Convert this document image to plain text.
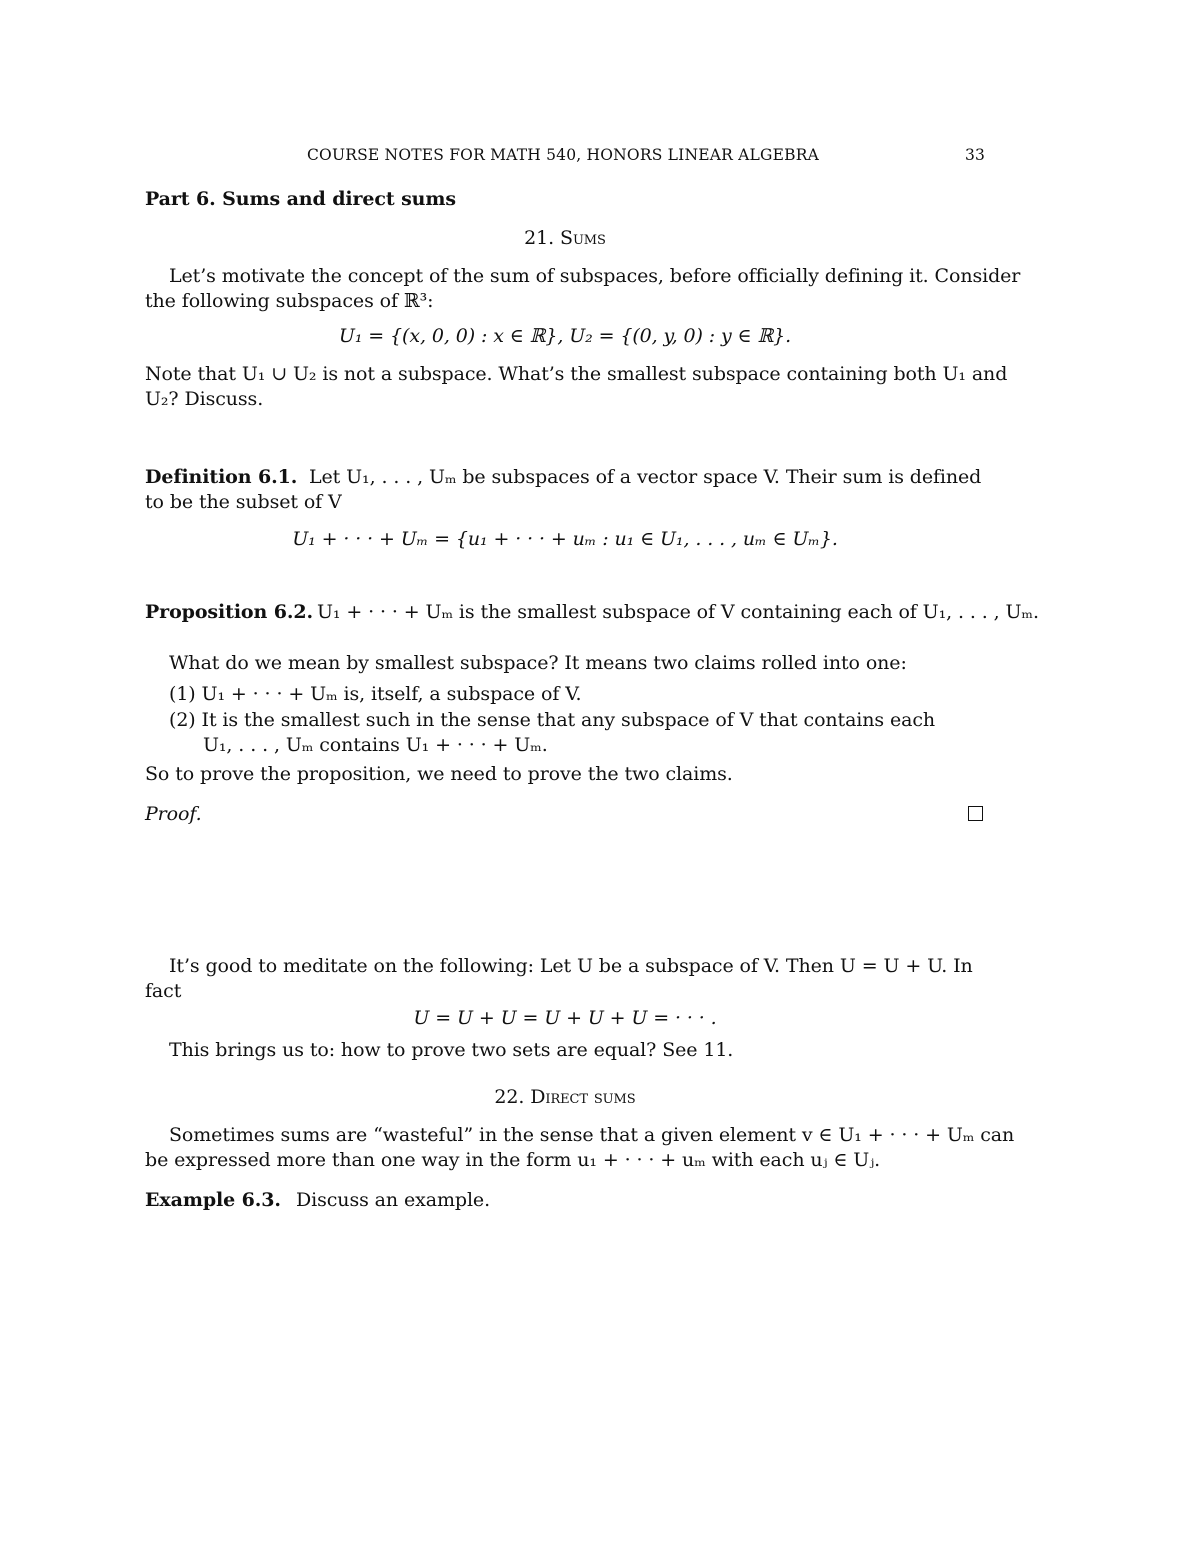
COURSE NOTES FOR MATH 540, HONORS LINEAR ALGEBRA	33
Part 6. Sums and direct sums
21. Sums
Let’s motivate the concept of the sum of subspaces, before officially defining it. Consider
the following subspaces of ℝ³:
U₁ = {(x, 0, 0) : x ∈ ℝ}, U₂ = {(0, y, 0) : y ∈ ℝ}.
Note that U₁ ∪ U₂ is not a subspace. What’s the smallest subspace containing both U₁ and
U₂? Discuss.
Definition 6.1. Let U₁, . . . , Uₘ be subspaces of a vector space V. Their sum is defined
to be the subset of V
U₁ + · · · + Uₘ = {u₁ + · · · + uₘ : u₁ ∈ U₁, . . . , uₘ ∈ Uₘ}.
Proposition 6.2. U₁ + · · · + Uₘ is the smallest subspace of V containing each of U₁, . . . , Uₘ.
What do we mean by smallest subspace? It means two claims rolled into one:
(1) U₁ + · · · + Uₘ is, itself, a subspace of V.
(2) It is the smallest such in the sense that any subspace of V that contains each
U₁, . . . , Uₘ contains U₁ + · · · + Uₘ.
So to prove the proposition, we need to prove the two claims.
Proof.
It’s good to meditate on the following: Let U be a subspace of V. Then U = U + U. In
fact
U = U + U = U + U + U = · · · .
This brings us to: how to prove two sets are equal? See 11.
22. Direct sums
Sometimes sums are “wasteful” in the sense that a given element v ∈ U₁ + · · · + Uₘ can
be expressed more than one way in the form u₁ + · · · + uₘ with each uⱼ ∈ Uⱼ.
Example 6.3. Discuss an example.
